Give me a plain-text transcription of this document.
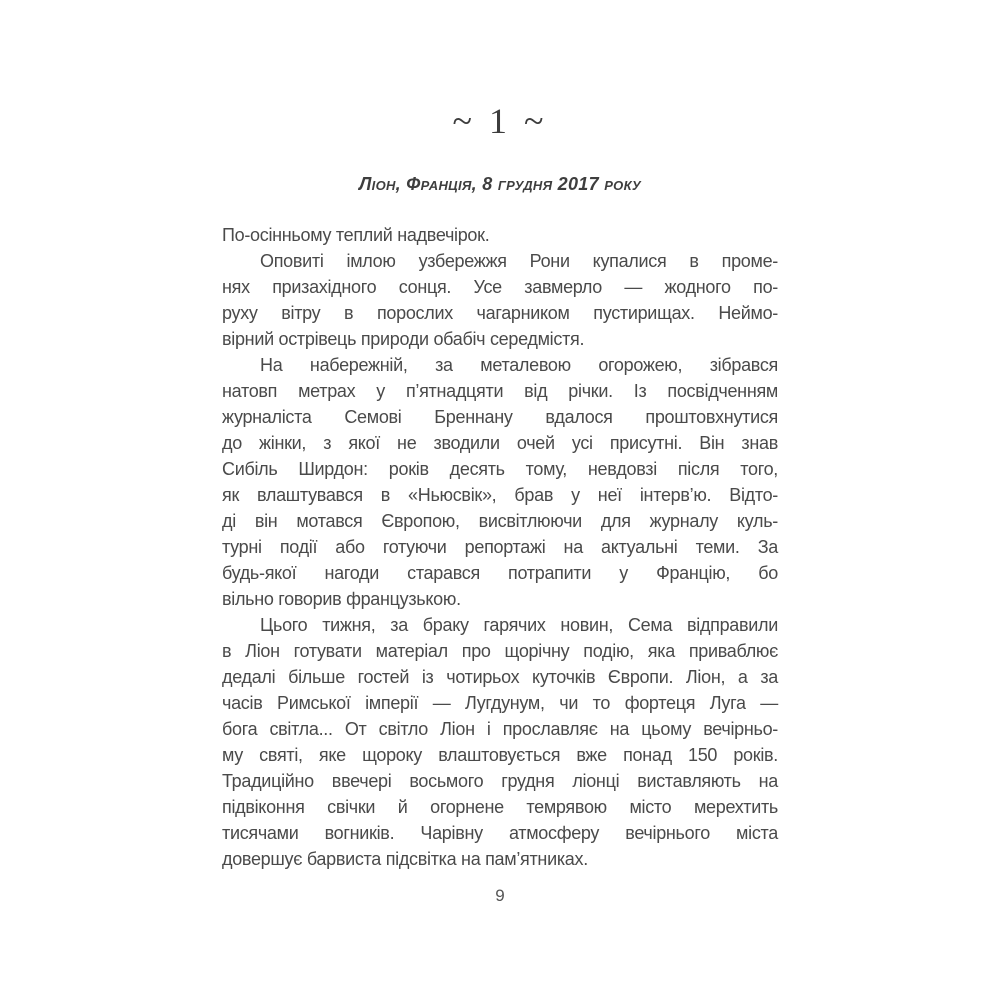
~ 1 ~
Ліон, Франція, 8 грудня 2017 року
По-осінньому теплий надвечірок.
Оповиті імлою узбережжя Рони купалися в проме-
нях призахідного сонця. Усе завмерло — жодного по-
руху вітру в порослих чагарником пустирищах. Неймо-
вірний острівець природи обабіч середмістя.
На набережній, за металевою огорожею, зібрався
натовп метрах у п’ятнадцяти від річки. Із посвідченням
журналіста Семові Бреннану вдалося проштовхнутися
до жінки, з якої не зводили очей усі присутні. Він знав
Сибіль Ширдон: років десять тому, невдовзі після того,
як влаштувався в «Ньюсвік», брав у неї інтерв’ю. Відто-
ді він мотався Європою, висвітлюючи для журналу куль-
турні події або готуючи репортажі на актуальні теми. За
будь-якої нагоди старався потрапити у Францію, бо
вільно говорив французькою.
Цього тижня, за браку гарячих новин, Сема відправили
в Ліон готувати матеріал про щорічну подію, яка приваблює
дедалі більше гостей із чотирьох куточків Європи. Ліон, а за
часів Римської імперії — Лугдунум, чи то фортеця Луга —
бога світла... От світло Ліон і прославляє на цьому вечірньо-
му святі, яке щороку влаштовується вже понад 150 років.
Традиційно ввечері восьмого грудня ліонці виставляють на
підвіконня свічки й огорнене темрявою місто мерехтить
тисячами вогників. Чарівну атмосферу вечірнього міста
довершує барвиста підсвітка на пам’ятниках.
9
